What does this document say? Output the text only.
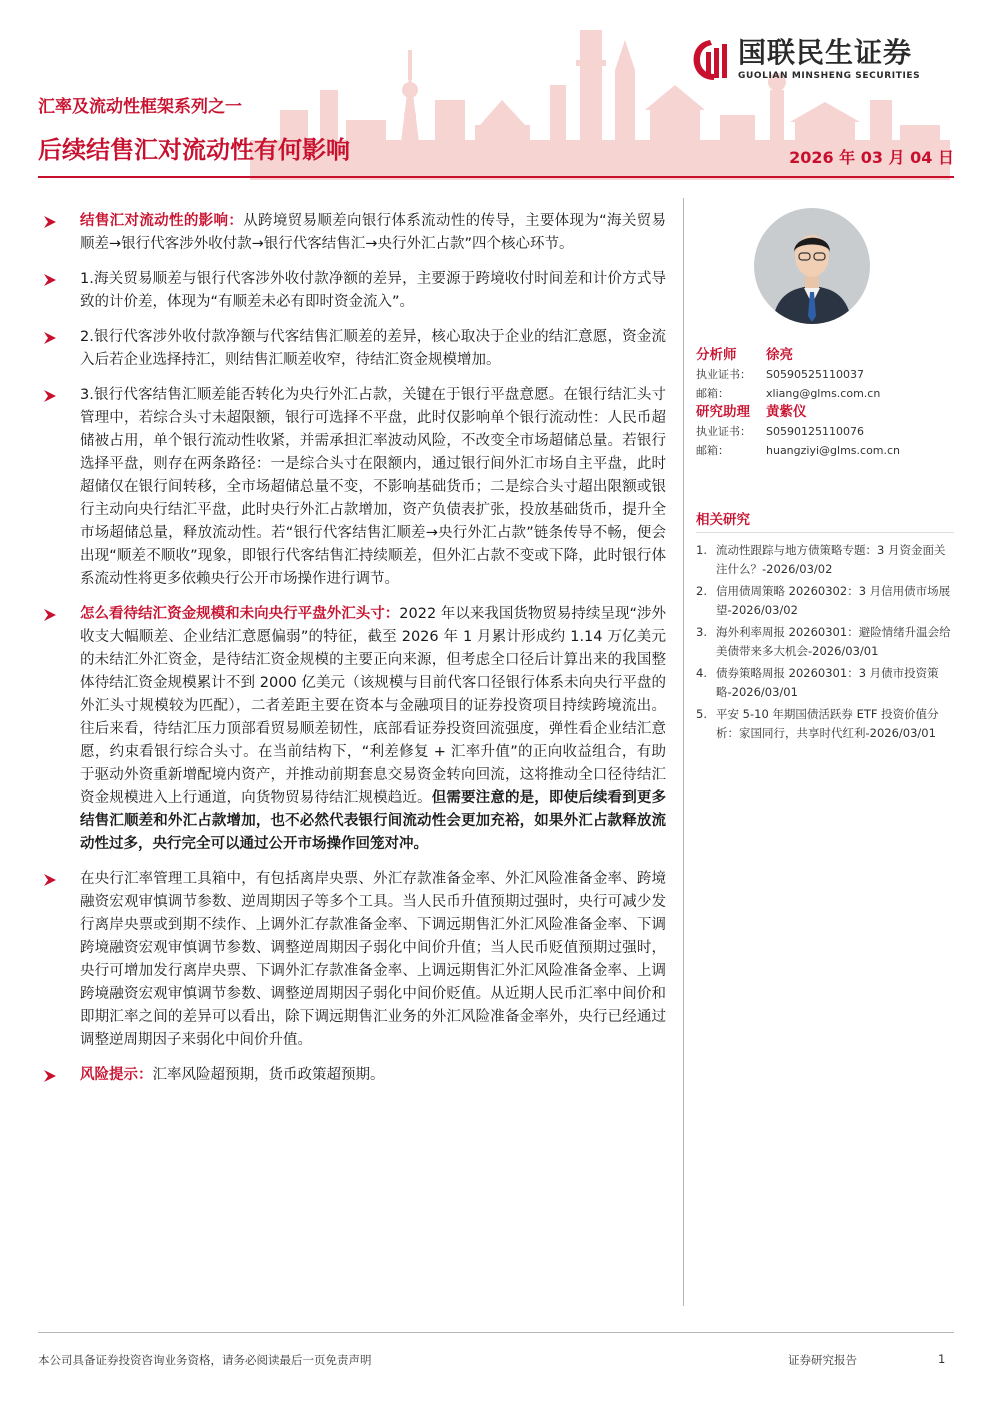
国联民生证券
GUOLIAN MINSHENG SECURITIES
汇率及流动性框架系列之一
后续结售汇对流动性有何影响	2026 年 03 月 04 日
结售汇对流动性的影响：从跨境贸易顺差向银行体系流动性的传导，主要体现为“海关贸易顺差→银行代客涉外收付款→银行代客结售汇→央行外汇占款”四个核心环节。
1.海关贸易顺差与银行代客涉外收付款净额的差异，主要源于跨境收付时间差和计价方式导致的计价差，体现为“有顺差未必有即时资金流入”。
2.银行代客涉外收付款净额与代客结售汇顺差的差异，核心取决于企业的结汇意愿，资金流入后若企业选择持汇，则结售汇顺差收窄，待结汇资金规模增加。
3.银行代客结售汇顺差能否转化为央行外汇占款，关键在于银行平盘意愿。在银行结汇头寸管理中，若综合头寸未超限额，银行可选择不平盘，此时仅影响单个银行流动性：人民币超储被占用，单个银行流动性收紧，并需承担汇率波动风险，不改变全市场超储总量。若银行选择平盘，则存在两条路径：一是综合头寸在限额内，通过银行间外汇市场自主平盘，此时超储仅在银行间转移，全市场超储总量不变，不影响基础货币；二是综合头寸超出限额或银行主动向央行结汇平盘，此时央行外汇占款增加，资产负债表扩张，投放基础货币，提升全市场超储总量，释放流动性。若“银行代客结售汇顺差→央行外汇占款”链条传导不畅，便会出现“顺差不顺收”现象，即银行代客结售汇持续顺差，但外汇占款不变或下降，此时银行体系流动性将更多依赖央行公开市场操作进行调节。
怎么看待结汇资金规模和未向央行平盘外汇头寸：2022 年以来我国货物贸易持续呈现“涉外收支大幅顺差、企业结汇意愿偏弱”的特征，截至 2026 年 1 月累计形成约 1.14 万亿美元的未结汇外汇资金，是待结汇资金规模的主要正向来源，但考虑全口径后计算出来的我国整体待结汇资金规模累计不到 2000 亿美元（该规模与目前代客口径银行体系未向央行平盘的外汇头寸规模较为匹配），二者差距主要在资本与金融项目的证券投资项目持续跨境流出。往后来看，待结汇压力顶部看贸易顺差韧性，底部看证券投资回流强度，弹性看企业结汇意愿，约束看银行综合头寸。在当前结构下，“利差修复 + 汇率升值”的正向收益组合，有助于驱动外资重新增配境内资产，并推动前期套息交易资金转向回流，这将推动全口径待结汇资金规模进入上行通道，向货物贸易待结汇规模趋近。但需要注意的是，即使后续看到更多结售汇顺差和外汇占款增加，也不必然代表银行间流动性会更加充裕，如果外汇占款释放流动性过多，央行完全可以通过公开市场操作回笼对冲。
在央行汇率管理工具箱中，有包括离岸央票、外汇存款准备金率、外汇风险准备金率、跨境融资宏观审慎调节参数、逆周期因子等多个工具。当人民币升值预期过强时，央行可减少发行离岸央票或到期不续作、上调外汇存款准备金率、下调远期售汇外汇风险准备金率、下调跨境融资宏观审慎调节参数、调整逆周期因子弱化中间价升值；当人民币贬值预期过强时，央行可增加发行离岸央票、下调外汇存款准备金率、上调远期售汇外汇风险准备金率、上调跨境融资宏观审慎调节参数、调整逆周期因子弱化中间价贬值。从近期人民币汇率中间价和即期汇率之间的差异可以看出，除下调远期售汇业务的外汇风险准备金率外，央行已经通过调整逆周期因子来弱化中间价升值。
风险提示：汇率风险超预期，货币政策超预期。
分析师	徐亮
执业证书：	S0590525110037
邮箱：	xliang@glms.com.cn
研究助理	黄紫仪
执业证书：	S0590125110076
邮箱：	huangziyi@glms.com.cn
相关研究
1. 流动性跟踪与地方债策略专题：3 月资金面关注什么？-2026/03/02
2. 信用债周策略 20260302：3 月信用债市场展望-2026/03/02
3. 海外利率周报 20260301：避险情绪升温会给美债带来多大机会-2026/03/01
4. 债券策略周报 20260301：3 月债市投资策略-2026/03/01
5. 平安 5-10 年期国债活跃券 ETF 投资价值分析：家国同行，共享时代红利-2026/03/01
本公司具备证券投资咨询业务资格，请务必阅读最后一页免责声明	证券研究报告	1
